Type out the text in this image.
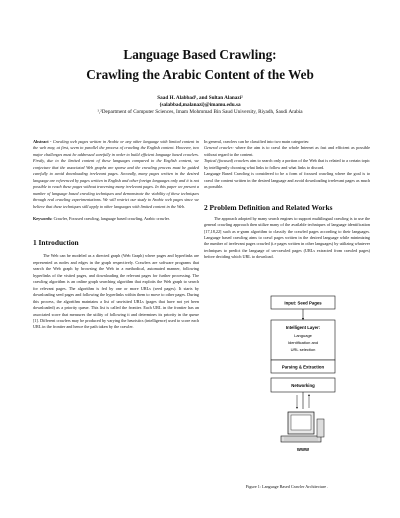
Language Based Crawling:
Crawling the Arabic Content of the Web
Saad H. Alabbad¹, and Sultan Alanazi²
{salabbad,malanazi}@imamu.edu.sa
¹,²Department of Computer Sciences, Imam Mohmmad Bin Saud University, Riyadh, Saudi Arabia

Abstract - Crawling web pages written in Arabic or any other language with limited content in the web may, at first, seem to parallel the process of crawling the English content. However, two major challenges must be addressed carefully in order to build efficient language based crawlers. Firstly, due to the limited content of these languages compared to the English content, we conjecture that the associated Web graphs are sparse and the crawling process must be guided carefully to avoid downloading irrelevant pages. Secondly, many pages written in the desired language are referenced by pages written in English and other foreign languages only and it is not possible to reach these pages without traversing many irrelevant pages. In this paper we present a number of language based crawling techniques and demonstrate the viability of these techniques through real crawling experimentations. We will restrict our study to Arabic web pages since we believe that these techniques still apply to other languages with limited content in the Web.

Keywords: Crawler, Focused crawling, language based crawling, Arabic crawler.

1 Introduction

The Web can be modeled as a directed graph (Web Graph) where pages and hyperlinks are represented as nodes and edges in the graph respectively. Crawlers are software programs that search the Web graph by browsing the Web in a methodical, automated manner, following hyperlinks of the visited pages, and downloading the relevant pages for further processing. The crawling algorithm is an online graph searching algorithm that exploits the Web graph to search for relevant pages. The algorithm is fed by one or more URLs (seed pages). It starts by downloading seed pages and following the hyperlinks within them to move to other pages. During this process, the algorithm maintains a list of unvisited URLs (pages that have not yet been downloaded) as a priority queue. This list is called the frontier. Each URL in the frontier has an associated score that measures the utility of following it and determines its priority in the queue [1]. Different crawlers may be produced by varying the heuristics (intelligence) used to score each URL in the frontier and hence the path taken by the crawler.

In general, crawlers can be classified into two main categories:

General crawler: where the aim is to crawl the whole Internet as fast and efficient as possible without regard to the content.

Topical (focused) crawlers aim to search only a portion of the Web that is related to a certain topic by intelligently choosing what links to follow and what links to discard.

Language Based Crawling is considered to be a form of focused crawling where the goal is to crawl the content written in the desired language and avoid downloading irrelevant pages as much as possible.

2 Problem Definition and Related Works

The approach adopted by many search engines to support multilingual crawling is to use the general crawling approach then utilize many of the available techniques of language identification [17,18,22] such as n-gram algorithm to classify the crawled pages according to their languages. Language based crawling aims to crawl pages written in the desired language while minimizing the number of irrelevant pages crawled (i.e pages written in other languages) by utilizing whatever techniques to predict the language of un-crawled pages (URLs extracted from crawled pages) before deciding which URL to download.

Input: Seed Pages
Intelligent Layer:
Language
Identification and
URL selection
Parsing & Extraction
Networking
WWW
Figure 1: Language Based Crawler Architecture .
